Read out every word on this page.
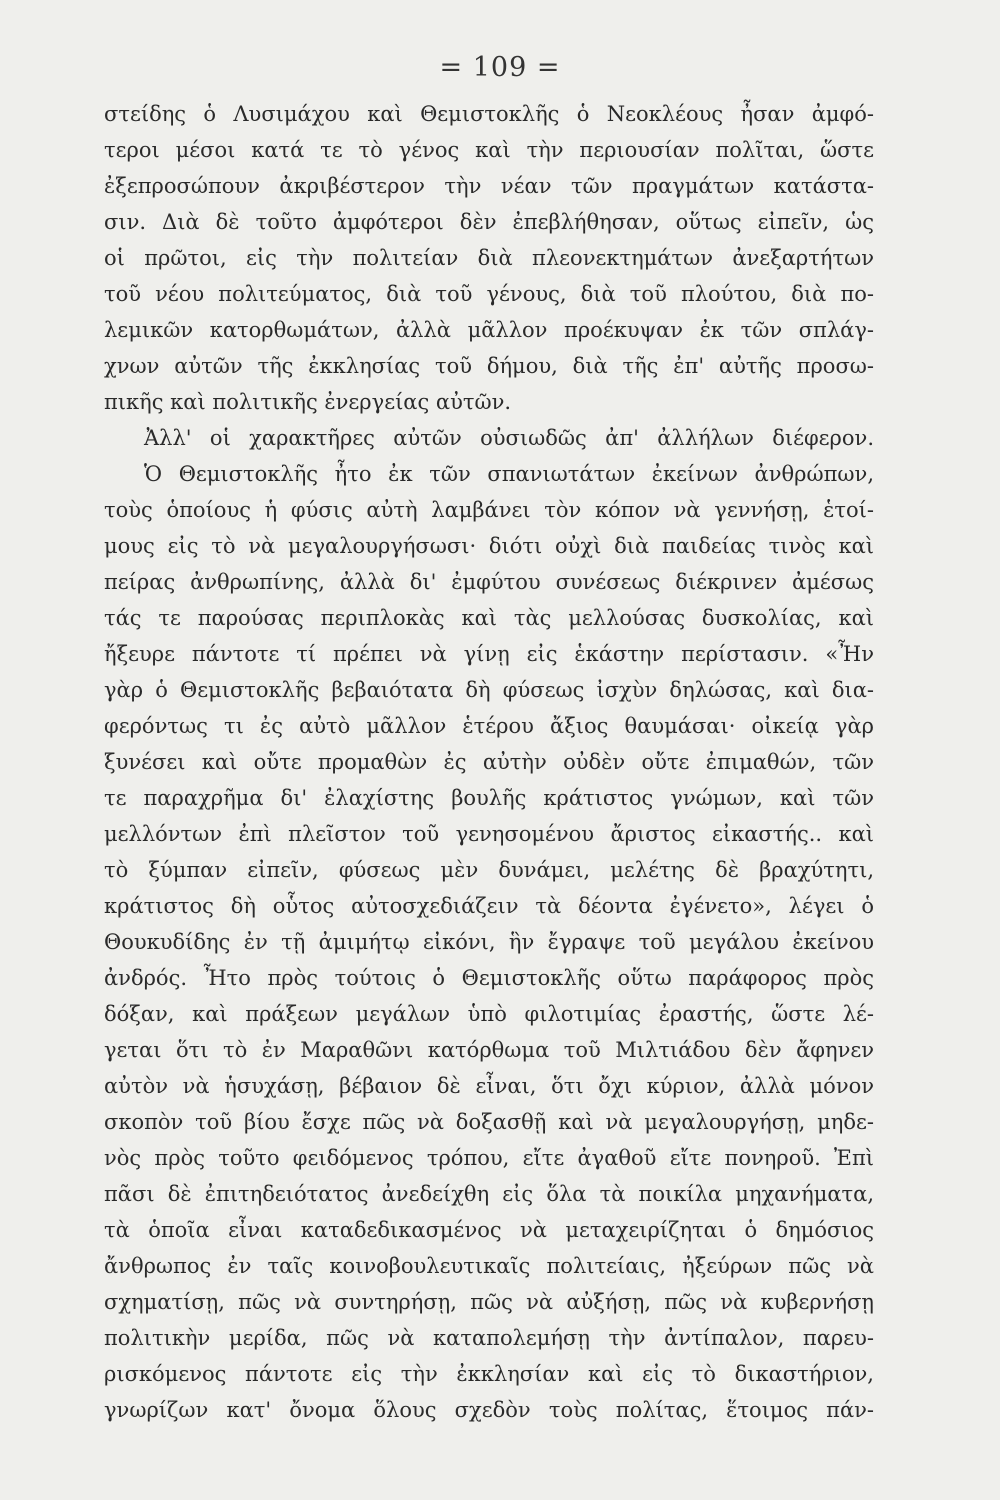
= 109 =
στείδης ὁ Λυσιμάχου καὶ Θεμιστοκλῆς ὁ Νεοκλέους ἦσαν ἀμφό-
τεροι μέσοι κατά τε τὸ γένος καὶ τὴν περιουσίαν πολῖται, ὥστε
ἐξεπροσώπουν ἀκριβέστερον τὴν νέαν τῶν πραγμάτων κατάστα-
σιν. Διὰ δὲ τοῦτο ἀμφότεροι δὲν ἐπεβλήθησαν, οὕτως εἰπεῖν, ὡς
οἱ πρῶτοι, εἰς τὴν πολιτείαν διὰ πλεονεκτημάτων ἀνεξαρτήτων
τοῦ νέου πολιτεύματος, διὰ τοῦ γένους, διὰ τοῦ πλούτου, διὰ πο-
λεμικῶν κατορθωμάτων, ἀλλὰ μᾶλλον προέκυψαν ἐκ τῶν σπλάγ-
χνων αὐτῶν τῆς ἐκκλησίας τοῦ δήμου, διὰ τῆς ἐπ' αὐτῆς προσω-
πικῆς καὶ πολιτικῆς ἐνεργείας αὐτῶν.
Ἀλλ' οἱ χαρακτῆρες αὐτῶν οὐσιωδῶς ἀπ' ἀλλήλων διέφερον.
Ὁ Θεμιστοκλῆς ἦτο ἐκ τῶν σπανιωτάτων ἐκείνων ἀνθρώπων,
τοὺς ὁποίους ἡ φύσις αὐτὴ λαμβάνει τὸν κόπον νὰ γεννήσῃ, ἑτοί-
μους εἰς τὸ νὰ μεγαλουργήσωσι· διότι οὐχὶ διὰ παιδείας τινὸς καὶ
πείρας ἀνθρωπίνης, ἀλλὰ δι' ἐμφύτου συνέσεως διέκρινεν ἀμέσως
τάς τε παρούσας περιπλοκὰς καὶ τὰς μελλούσας δυσκολίας, καὶ
ἤξευρε πάντοτε τί πρέπει νὰ γίνῃ εἰς ἑκάστην περίστασιν. «Ἦν
γὰρ ὁ Θεμιστοκλῆς βεβαιότατα δὴ φύσεως ἰσχὺν δηλώσας, καὶ δια-
φερόντως τι ἐς αὐτὸ μᾶλλον ἑτέρου ἄξιος θαυμάσαι· οἰκείᾳ γὰρ
ξυνέσει καὶ οὔτε προμαθὼν ἐς αὐτὴν οὐδὲν οὔτε ἐπιμαθών, τῶν
τε παραχρῆμα δι' ἐλαχίστης βουλῆς κράτιστος γνώμων, καὶ τῶν
μελλόντων ἐπὶ πλεῖστον τοῦ γενησομένου ἄριστος εἰκαστής.. καὶ
τὸ ξύμπαν εἰπεῖν, φύσεως μὲν δυνάμει, μελέτης δὲ βραχύτητι,
κράτιστος δὴ οὗτος αὐτοσχεδιάζειν τὰ δέοντα ἐγένετο», λέγει ὁ
Θουκυδίδης ἐν τῇ ἀμιμήτῳ εἰκόνι, ἣν ἔγραψε τοῦ μεγάλου ἐκείνου
ἀνδρός. Ἦτο πρὸς τούτοις ὁ Θεμιστοκλῆς οὕτω παράφορος πρὸς
δόξαν, καὶ πράξεων μεγάλων ὑπὸ φιλοτιμίας ἐραστής, ὥστε λέ-
γεται ὅτι τὸ ἐν Μαραθῶνι κατόρθωμα τοῦ Μιλτιάδου δὲν ἄφηνεν
αὐτὸν νὰ ἡσυχάσῃ, βέβαιον δὲ εἶναι, ὅτι ὄχι κύριον, ἀλλὰ μόνον
σκοπὸν τοῦ βίου ἔσχε πῶς νὰ δοξασθῇ καὶ νὰ μεγαλουργήσῃ, μηδε-
νὸς πρὸς τοῦτο φειδόμενος τρόπου, εἴτε ἀγαθοῦ εἴτε πονηροῦ. Ἐπὶ
πᾶσι δὲ ἐπιτηδειότατος ἀνεδείχθη εἰς ὅλα τὰ ποικίλα μηχανήματα,
τὰ ὁποῖα εἶναι καταδεδικασμένος νὰ μεταχειρίζηται ὁ δημόσιος
ἄνθρωπος ἐν ταῖς κοινοβουλευτικαῖς πολιτείαις, ἠξεύρων πῶς νὰ
σχηματίσῃ, πῶς νὰ συντηρήσῃ, πῶς νὰ αὐξήσῃ, πῶς νὰ κυβερνήσῃ
πολιτικὴν μερίδα, πῶς νὰ καταπολεμήσῃ τὴν ἀντίπαλον, παρευ-
ρισκόμενος πάντοτε εἰς τὴν ἐκκλησίαν καὶ εἰς τὸ δικαστήριον,
γνωρίζων κατ' ὄνομα ὅλους σχεδὸν τοὺς πολίτας, ἕτοιμος πάν-
